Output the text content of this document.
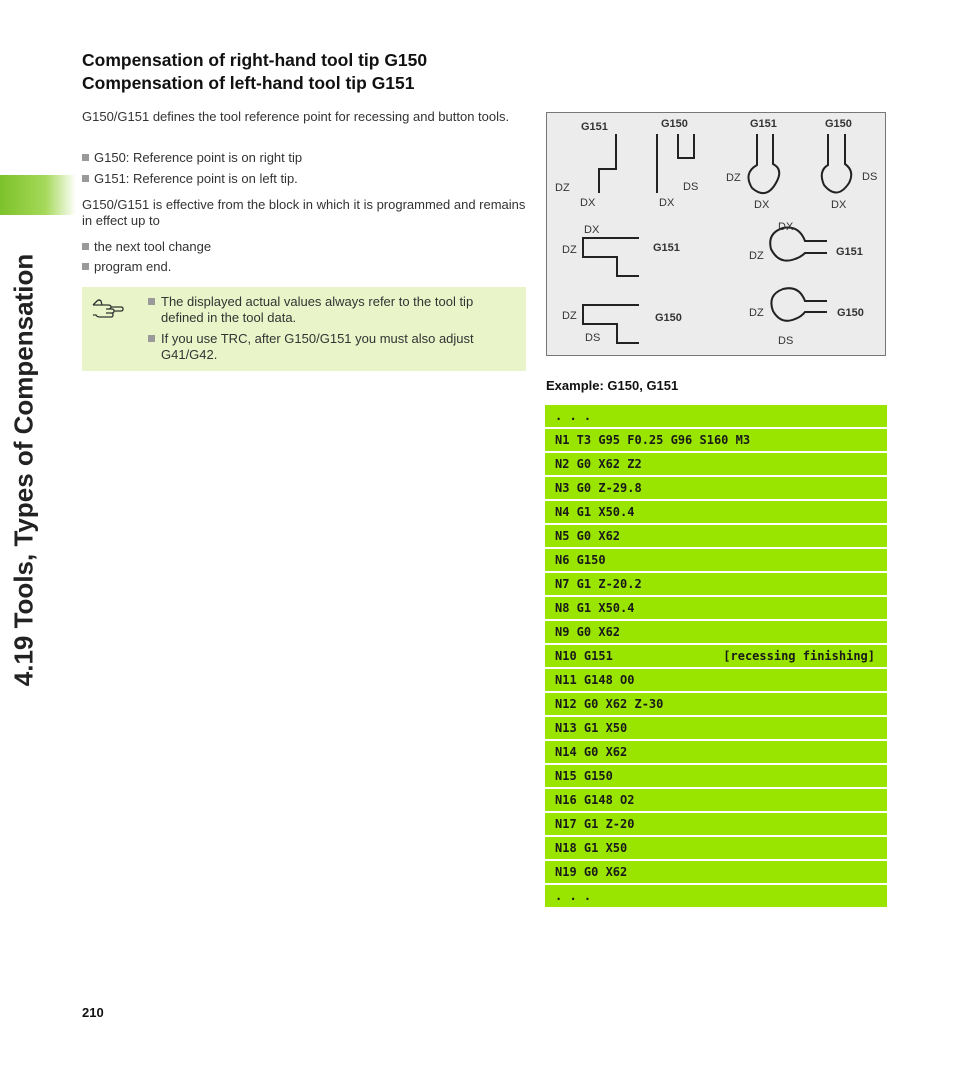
4.19 Tools, Types of Compensation
Compensation of right-hand tool tip G150
Compensation of left-hand tool tip G151
G150/G151 defines the tool reference point for recessing and button tools.
G150: Reference point is on right tip
G151: Reference point is on left tip.
G150/G151 is effective from the block in which it is programmed and remains in effect up to
the next tool change
program end.
The displayed actual values always refer to the tool tip defined in the tool data.
If you use TRC, after G150/G151 you must also adjust G41/G42.
G151	G150	G151	G150
G151	G151
G150	G150
DZ
DX	DX
DS
DZ
DX	DX
DS
DX
DZ
DX
DZ
DZ
DS
DZ
DS
Example: G150, G151
. . .
N1 T3 G95 F0.25 G96 S160 M3
N2 G0 X62 Z2
N3 G0 Z-29.8
N4 G1 X50.4
N5 G0 X62
N6 G150
N7 G1 Z-20.2
N8 G1 X50.4
N9 G0 X62
N10 G151	[recessing finishing]
N11 G148 O0
N12 G0 X62 Z-30
N13 G1 X50
N14 G0 X62
N15 G150
N16 G148 O2
N17 G1 Z-20
N18 G1 X50
N19 G0 X62
. . .
210
